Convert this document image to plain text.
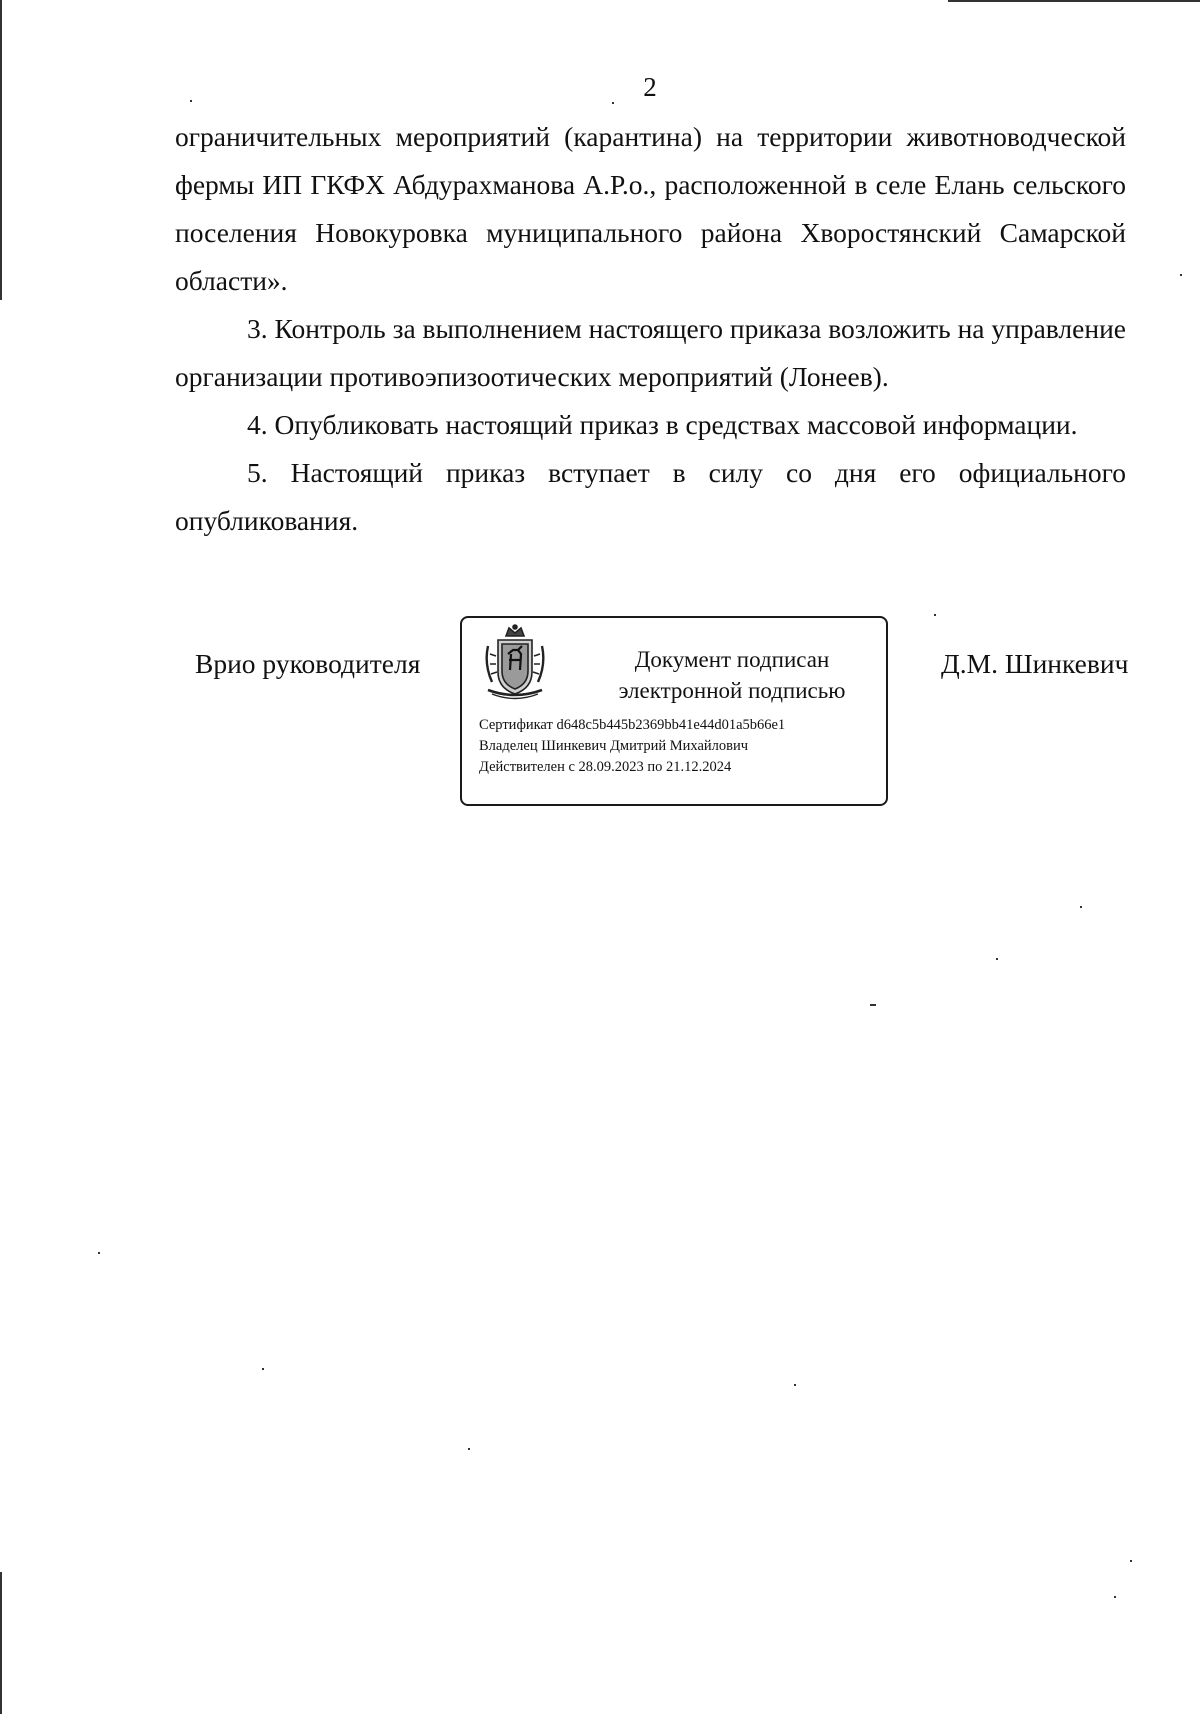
2

ограничительных мероприятий (карантина) на территории животноводческой фермы ИП ГКФХ Абдурахманова А.Р.о., расположенной в селе Елань сельского поселения Новокуровка муниципального района Хворостянский Самарской области».

3. Контроль за выполнением настоящего приказа возложить на управление организации противоэпизоотических мероприятий (Лонеев).

4. Опубликовать настоящий приказ в средствах массовой информации.

5. Настоящий приказ вступает в силу со дня его официального опубликования.

Врио руководителя	Документ подписан
электронной подписью
Сертификат d648c5b445b2369bb41e44d01a5b66e1
Владелец Шинкевич Дмитрий Михайлович
Действителен с 28.09.2023 по 21.12.2024
Д.М. Шинкевич
